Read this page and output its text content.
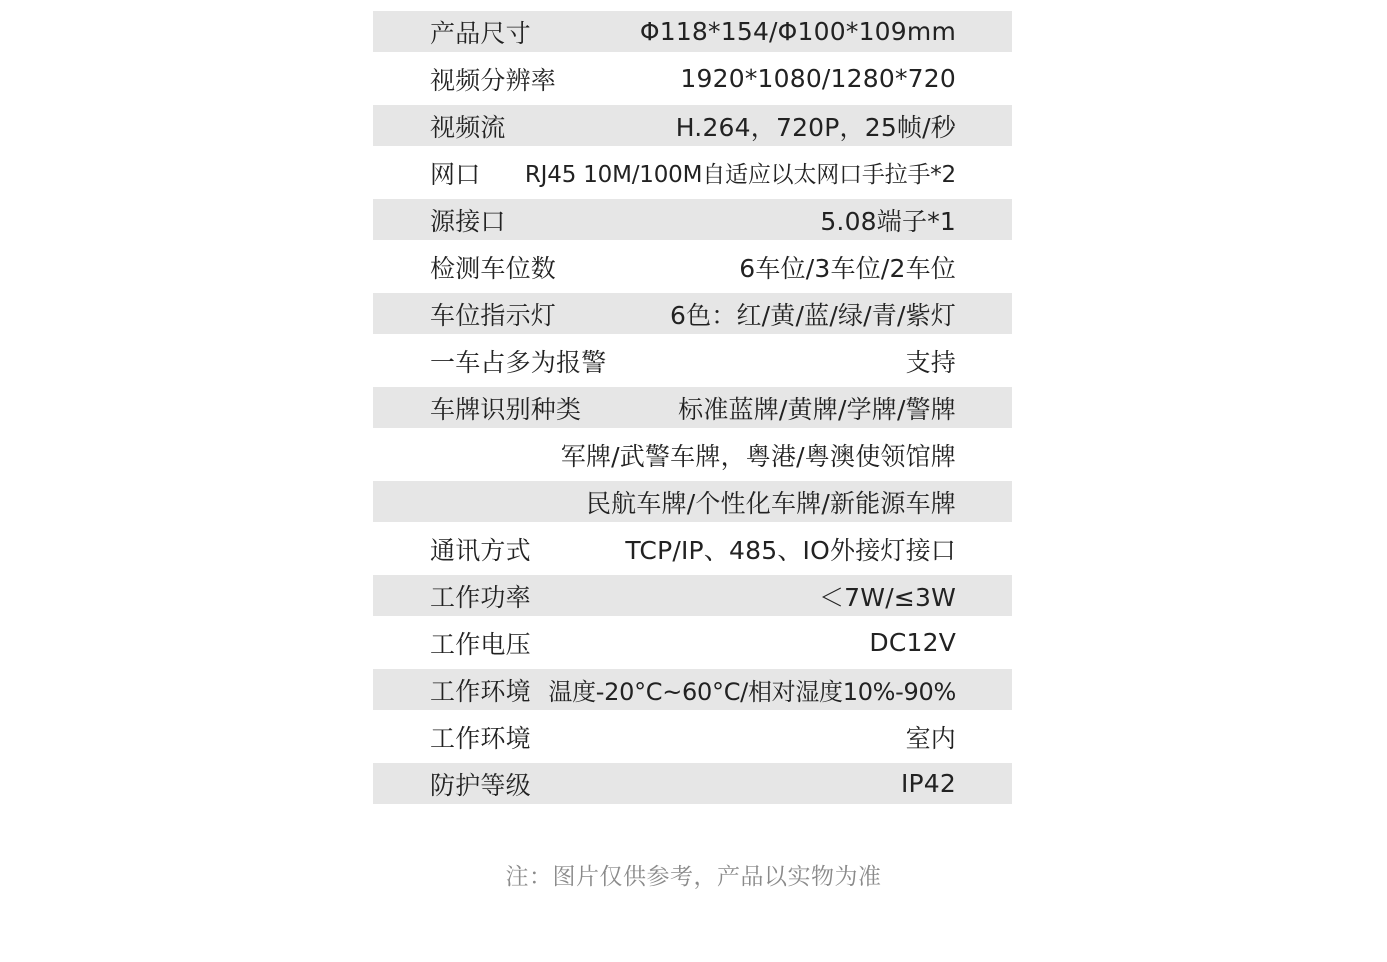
产品尺寸	Φ118*154/Φ100*109mm
视频分辨率	1920*1080/1280*720
视频流	H.264，720P，25帧/秒
网口 RJ45 10M/100M自适应以太网口手拉手*2
源接口	5.08端子*1
检测车位数	6车位/3车位/2车位
车位指示灯	6色：红/黄/蓝/绿/青/紫灯
一车占多为报警	支持
车牌识别种类	标准蓝牌/黄牌/学牌/警牌
军牌/武警车牌，粤港/粤澳使领馆牌
民航车牌/个性化车牌/新能源车牌
通讯方式	TCP/IP、485、IO外接灯接口
工作功率	＜7W/≤3W
工作电压	DC12V
工作环境 温度-20°C~60°C/相对湿度10%-90%
工作环境	室内
防护等级	IP42
注：图片仅供参考，产品以实物为准
